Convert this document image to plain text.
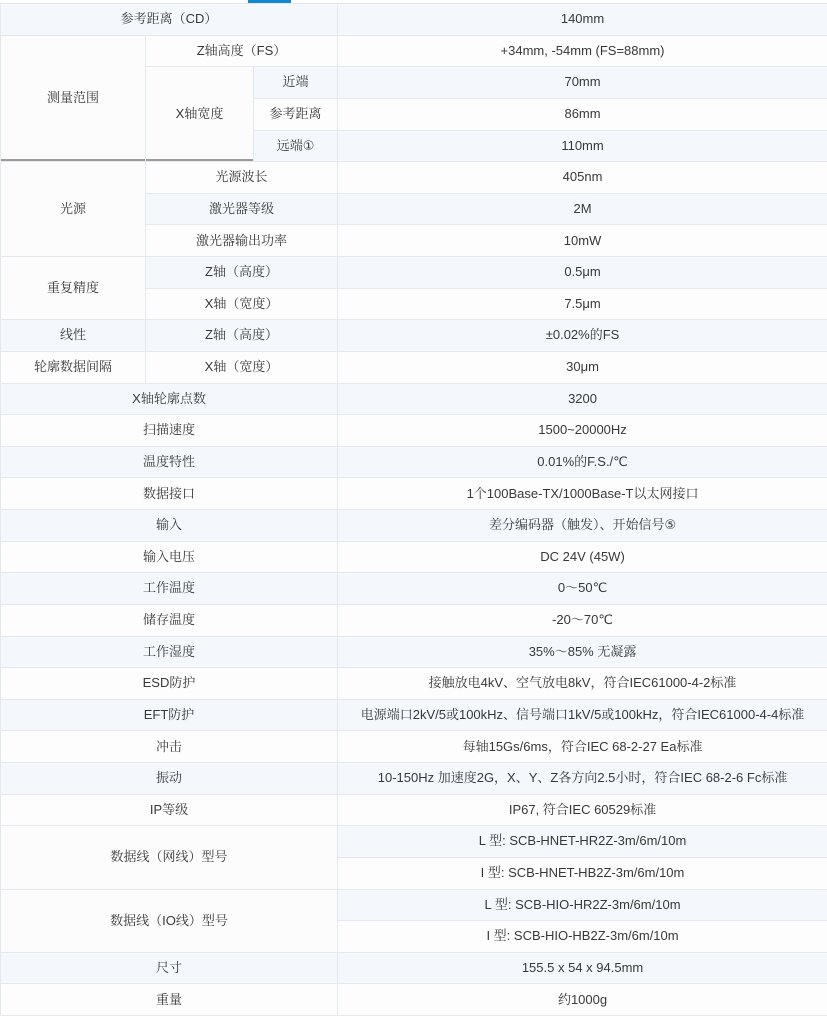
参考距离（CD）			140mm
测量范围	Z轴高度（FS）		+34mm, -54mm (FS=88mm)
	X轴宽度	近端	70mm
		参考距离	86mm
		远端①	110mm
光源	光源波长		405nm
	激光器等级		2M
	激光器输出功率		10mW
重复精度	Z轴（高度）		0.5μm
	X轴（宽度）		7.5μm
线性	Z轴（高度）		±0.02%的FS
轮廓数据间隔	X轴（宽度）		30μm
X轴轮廓点数			3200
扫描速度			1500~20000Hz
温度特性			0.01%的F.S./℃
数据接口			1个100Base-TX/1000Base-T以太网接口
输入			差分编码器（触发）、开始信号⑤
输入电压			DC 24V (45W)
工作温度			0～50℃
储存温度			-20～70℃
工作湿度			35%～85% 无凝露
ESD防护			接触放电4kV、空气放电8kV，符合IEC61000-4-2标准
EFT防护			电源端口2kV/5或100kHz、信号端口1kV/5或100kHz，符合IEC61000-4-4标准
冲击			每轴15Gs/6ms，符合IEC 68-2-27 Ea标准
振动			10-150Hz 加速度2G，X、Y、Z各方向2.5小时，符合IEC 68-2-6 Fc标准
IP等级			IP67, 符合IEC 60529标准
数据线（网线）型号			L 型: SCB-HNET-HR2Z-3m/6m/10m
			I 型: SCB-HNET-HB2Z-3m/6m/10m
数据线（IO线）型号			L 型: SCB-HIO-HR2Z-3m/6m/10m
			I 型: SCB-HIO-HB2Z-3m/6m/10m
尺寸			155.5 x 54 x 94.5mm
重量			约1000g
